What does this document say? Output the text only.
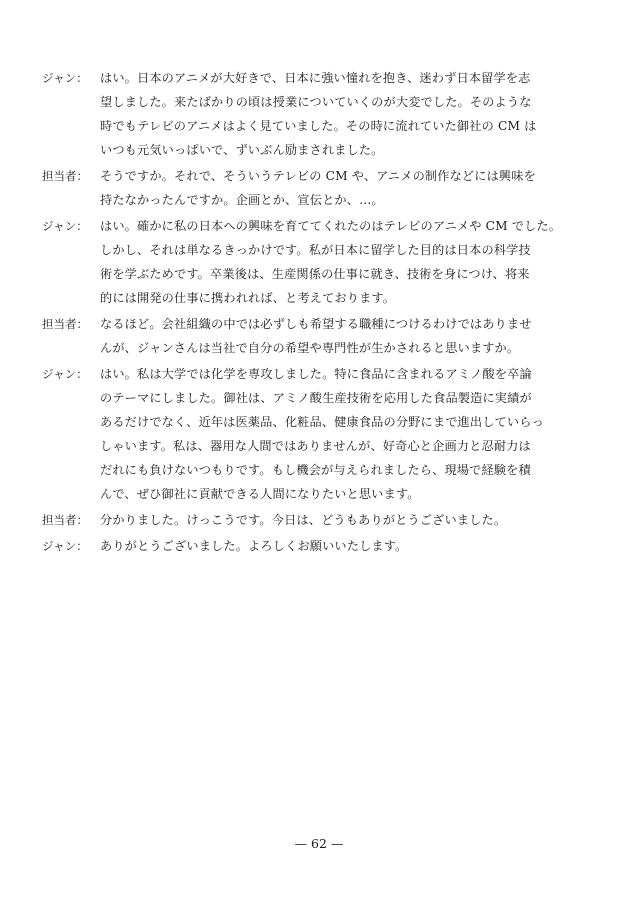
ジャン：	はい。日本のアニメが大好きで、日本に強い憧れを抱き、迷わず日本留学を志
望しました。来たばかりの頃は授業についていくのが大変でした。そのような
時でもテレビのアニメはよく見ていました。その時に流れていた御社の CM は
いつも元気いっぱいで、ずいぶん励まされました。
担当者： そうですか。それで、そういうテレビの CM や、アニメの制作などには興味を
持たなかったんですか。企画とか、宣伝とか、…。
ジャン：	はい。確かに私の日本への興味を育ててくれたのはテレビのアニメや CM でした。
しかし、それは単なるきっかけです。私が日本に留学した目的は日本の科学技
術を学ぶためです。卒業後は、生産関係の仕事に就き、技術を身につけ、将来
的には開発の仕事に携われれば、と考えております。
担当者： なるほど。会社組織の中では必ずしも希望する職種につけるわけではありませ
んが、ジャンさんは当社で自分の希望や専門性が生かされると思いますか。
ジャン：	はい。私は大学では化学を専攻しました。特に食品に含まれるアミノ酸を卒論
のテーマにしました。御社は、アミノ酸生産技術を応用した食品製造に実績が
あるだけでなく、近年は医薬品、化粧品、健康食品の分野にまで進出していらっ
しゃいます。私は、器用な人間ではありませんが、好奇心と企画力と忍耐力は
だれにも負けないつもりです。もし機会が与えられましたら、現場で経験を積
んで、ぜひ御社に貢献できる人間になりたいと思います。
担当者： 分かりました。けっこうです。今日は、どうもありがとうございました。
ジャン：	ありがとうございました。よろしくお願いいたします。
— 62 —
